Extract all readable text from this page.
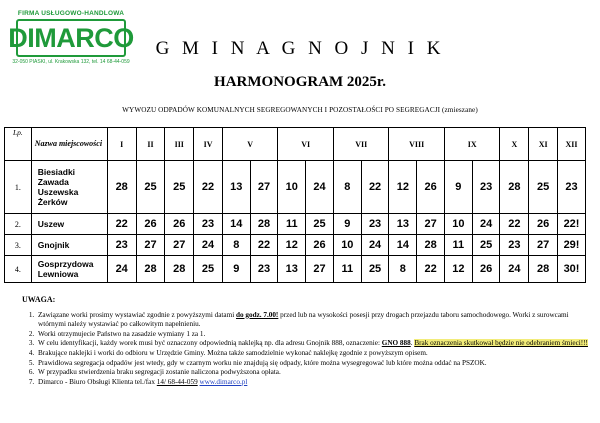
FIRMA USŁUGOWO-HANDLOWA
DIMARCO
32-050 PIASKI, ul. Krakowska 132, tel. 14 68-44-059
G M I N A G N O J N I K
HARMONOGRAM 2025r.
WYWOZU ODPADÓW KOMUNALNYCH SEGREGOWANYCH I POZOSTAŁOŚCI PO SEGREGACJI (zmieszane)
Lp.	Nazwa miejscowości	I	II	III	IV	V		VI		VII		VIII		IX		X	XI	XII
1.	Biesiadki
Zawada
Uszewska
Żerków	28	25	25	22	13	27	10	24	8	22	12	26	9	23	28	25	23
2.	Uszew	22	26	26	23	14	28	11	25	9	23	13	27	10	24	22	26	22!
3.	Gnojnik	23	27	27	24	8	22	12	26	10	24	14	28	11	25	23	27	29!
4.	Gosprzydowa
Lewniowa	24	28	28	25	9	23	13	27	11	25	8	22	12	26	24	28	30!
UWAGA:
1. Zawiązane worki prosimy wystawiać zgodnie z powyższymi datami do godz. 7.00! przed lub na wysokości posesji przy drogach przejazdu taboru samochodowego. Worki z surowcami wtórnymi należy wystawiać po całkowitym napełnieniu.
2. Worki otrzymujecie Państwo na zasadzie wymiany 1 za 1.
3. W celu identyfikacji, każdy worek musi być oznaczony odpowiednią naklejką np. dla adresu Gnojnik 888, oznaczenie: GNO 888. Brak oznaczenia skutkował będzie nie odebraniem śmieci!!!
4. Brakujące naklejki i worki do odbioru w Urzędzie Gminy. Można także samodzielnie wykonać naklejkę zgodnie z powyższym opisem.
5. Prawidłowa segregacja odpadów jest wtedy, gdy w czarnym worku nie znajdują się odpady, które można wysegregować lub które można oddać na PSZOK.
6. W przypadku stwierdzenia braku segregacji zostanie naliczona podwyższona opłata.
7. Dimarco - Biuro Obsługi Klienta tel./fax 14/ 68-44-059 www.dimarco.pl
